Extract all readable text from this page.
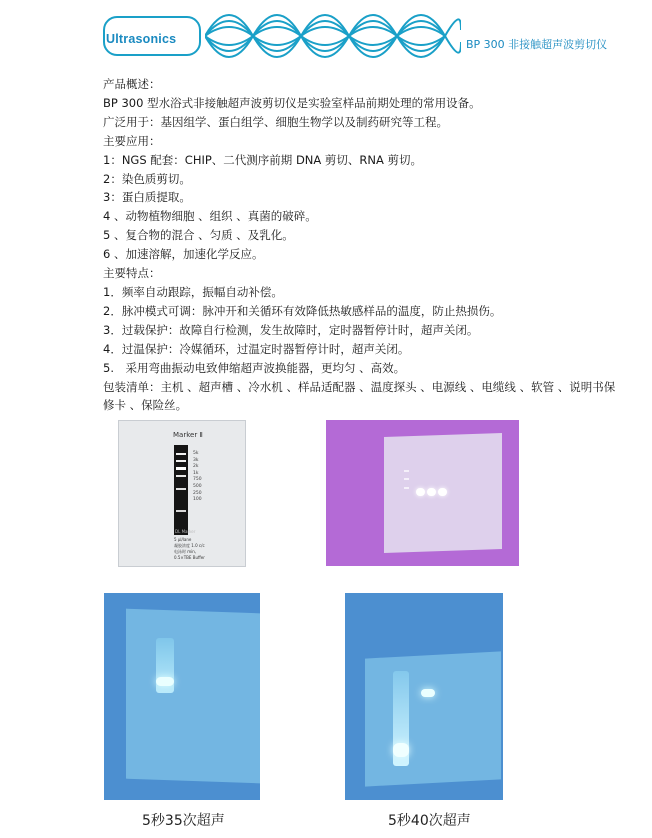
Ultrasonics	BP 300 非接触超声波剪切仪

产品概述：

BP 300 型水浴式非接触超声波剪切仪是实验室样品前期处理的常用设备。

广泛用于：基因组学、蛋白组学、细胞生物学以及制药研究等工程。

主要应用：

1：NGS 配套：CHIP、二代测序前期 DNA 剪切、RNA 剪切。

2：染色质剪切。

3：蛋白质提取。

4 、动物植物细胞 、组织 、真菌的破碎。

5 、复合物的混合 、匀质 、及乳化。

6 、加速溶解，加速化学反应。

主要特点：

1．频率自动跟踪，振幅自动补偿。

2．脉冲模式可调：脉冲开和关循环有效降低热敏感样品的温度，防止热损伤。

3．过载保护：故障自行检测，发生故障时，定时器暂停计时，超声关闭。

4．过温保护：冷媒循环，过温定时器暂停计时，超声关闭。

5.　采用弯曲振动电致伸缩超声波换能器，更均匀 、高效。

包装清单：主机 、超声槽 、冷水机 、样品适配器 、温度探头 、电源线 、电缆线 、软管 、说明书保修卡 、保险丝。

Marker Ⅱ
5k
3k
2k
1k
750
500
250
100
DL Marker
5 μl/lane
凝胶浓度 1.0 c/c
电泳时 min,
0.5×TBE Buffer
5秒35次超声	5秒40次超声
